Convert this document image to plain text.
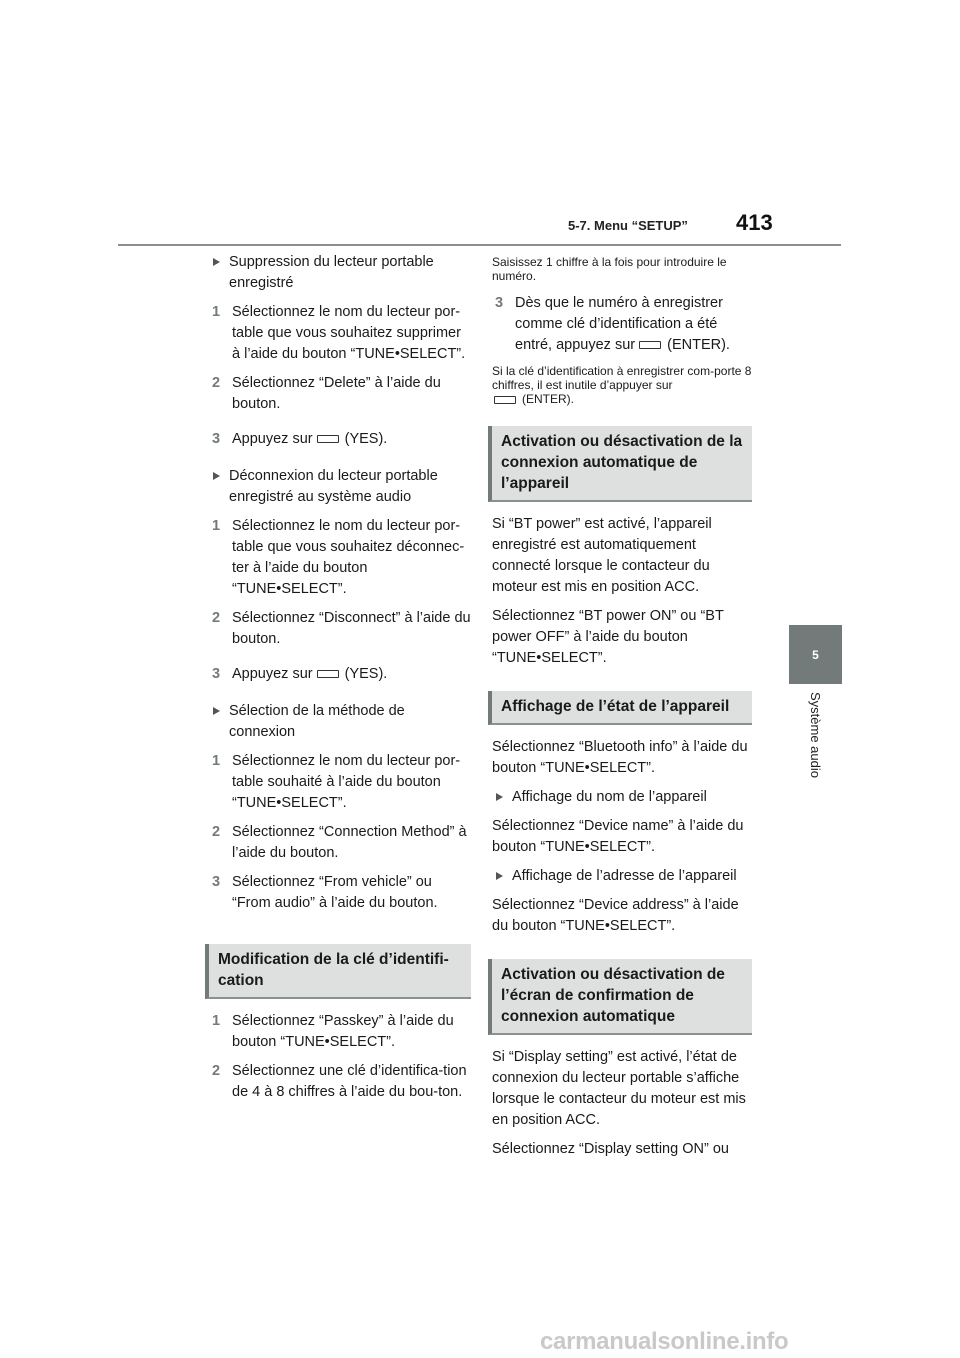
5-7. Menu “SETUP” 413
5
Système audio
Suppression du lecteur portable enregistré
1 Sélectionnez le nom du lecteur por-table que vous souhaitez supprimer à l’aide du bouton “TUNE•SELECT”.
2 Sélectionnez “Delete” à l’aide du bouton.
3 Appuyez sur (YES).
Déconnexion du lecteur portable enregistré au système audio
1 Sélectionnez le nom du lecteur por-table que vous souhaitez déconnec-ter à l’aide du bouton “TUNE•SELECT”.
2 Sélectionnez “Disconnect” à l’aide du bouton.
3 Appuyez sur (YES).
Sélection de la méthode de connexion
1 Sélectionnez le nom du lecteur por-table souhaité à l’aide du bouton “TUNE•SELECT”.
2 Sélectionnez “Connection Method” à l’aide du bouton.
3 Sélectionnez “From vehicle” ou “From audio” à l’aide du bouton.
Modification de la clé d’identifi-cation
1 Sélectionnez “Passkey” à l’aide du bouton “TUNE•SELECT”.
2 Sélectionnez une clé d’identifica-tion de 4 à 8 chiffres à l’aide du bou-ton.
Saisissez 1 chiffre à la fois pour introduire le numéro.
3 Dès que le numéro à enregistrer comme clé d’identification a été entré, appuyez sur (ENTER).
Si la clé d’identification à enregistrer com-porte 8 chiffres, il est inutile d’appuyer sur
(ENTER).
Activation ou désactivation de la connexion automatique de l’appareil
Si “BT power” est activé, l’appareil enregistré est automatiquement connecté lorsque le contacteur du moteur est mis en position ACC.
Sélectionnez “BT power ON” ou “BT power OFF” à l’aide du bouton “TUNE•SELECT”.
Affichage de l’état de l’appareil
Sélectionnez “Bluetooth info” à l’aide du bouton “TUNE•SELECT”.
Affichage du nom de l’appareil
Sélectionnez “Device name” à l’aide du bouton “TUNE•SELECT”.
Affichage de l’adresse de l’appareil
Sélectionnez “Device address” à l’aide du bouton “TUNE•SELECT”.
Activation ou désactivation de l’écran de confirmation de connexion automatique
Si “Display setting” est activé, l’état de connexion du lecteur portable s’affiche lorsque le contacteur du moteur est mis en position ACC.
Sélectionnez “Display setting ON” ou
carmanualsonline.info
